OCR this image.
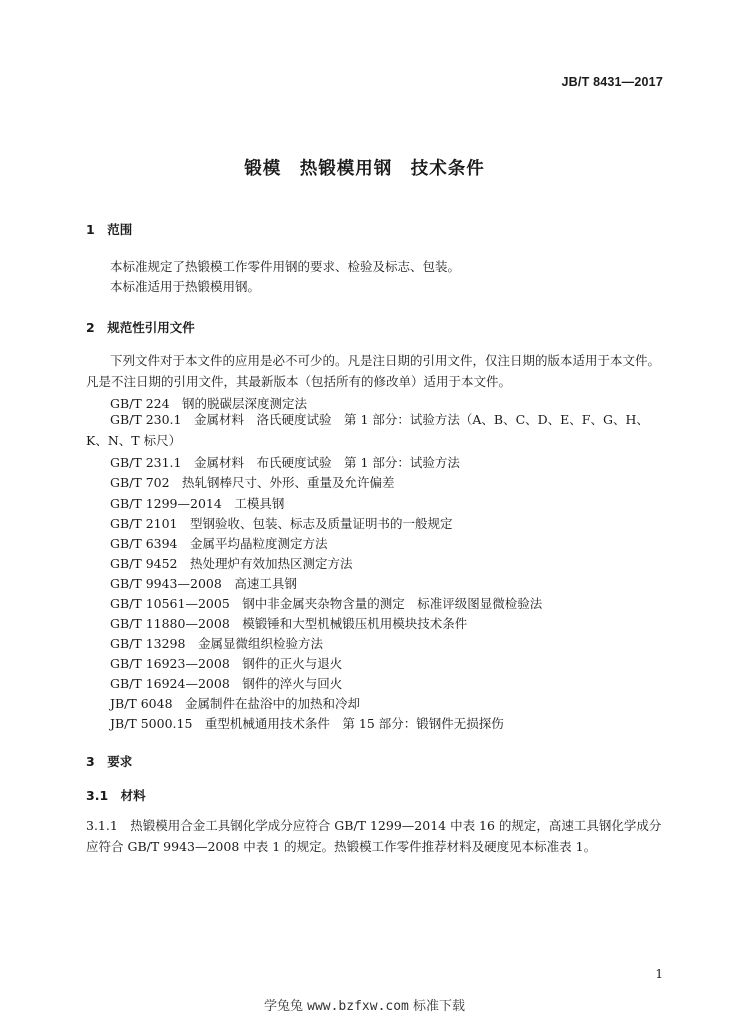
JB/T 8431—2017
锻模　热锻模用钢　技术条件
1　范围
本标准规定了热锻模工作零件用钢的要求、检验及标志、包装。
本标准适用于热锻模用钢。
2　规范性引用文件
下列文件对于本文件的应用是必不可少的。凡是注日期的引用文件，仅注日期的版本适用于本文件。凡是不注日期的引用文件，其最新版本（包括所有的修改单）适用于本文件。
GB/T 224　钢的脱碳层深度测定法
GB/T 230.1　金属材料　洛氏硬度试验　第 1 部分：试验方法（A、B、C、D、E、F、G、H、K、N、T 标尺）
GB/T 231.1　金属材料　布氏硬度试验　第 1 部分：试验方法
GB/T 702　热轧钢棒尺寸、外形、重量及允许偏差
GB/T 1299—2014　工模具钢
GB/T 2101　型钢验收、包装、标志及质量证明书的一般规定
GB/T 6394　金属平均晶粒度测定方法
GB/T 9452　热处理炉有效加热区测定方法
GB/T 9943—2008　高速工具钢
GB/T 10561—2005　钢中非金属夹杂物含量的测定　标准评级图显微检验法
GB/T 11880—2008　模锻锤和大型机械锻压机用模块技术条件
GB/T 13298　金属显微组织检验方法
GB/T 16923—2008　钢件的正火与退火
GB/T 16924—2008　钢件的淬火与回火
JB/T 6048　金属制件在盐浴中的加热和冷却
JB/T 5000.15　重型机械通用技术条件　第 15 部分：锻钢件无损探伤
3　要求
3.1　材料
3.1.1　热锻模用合金工具钢化学成分应符合 GB/T 1299—2014 中表 16 的规定，高速工具钢化学成分应符合 GB/T 9943—2008 中表 1 的规定。热锻模工作零件推荐材料及硬度见本标准表 1。
1
学兔兔 www.bzfxw.com 标准下载
